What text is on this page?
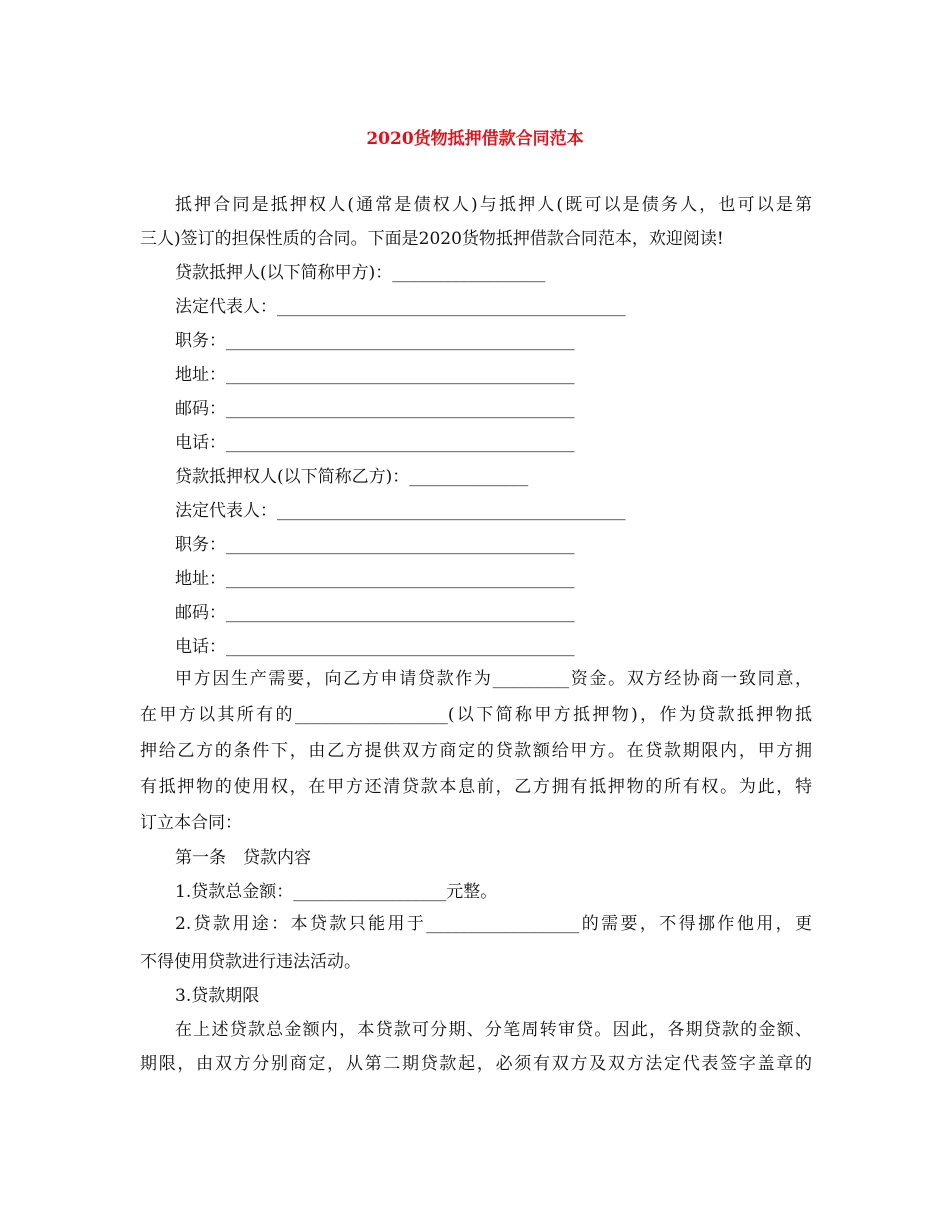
2020货物抵押借款合同范本
抵押合同是抵押权人(通常是债权人)与抵押人(既可以是债务人，也可以是第
三人)签订的担保性质的合同。下面是2020货物抵押借款合同范本，欢迎阅读!
贷款抵押人(以下简称甲方)：__________________
法定代表人：_________________________________________
职务：_________________________________________
地址：_________________________________________
邮码：_________________________________________
电话：_________________________________________
贷款抵押权人(以下简称乙方)：______________
法定代表人：_________________________________________
职务：_________________________________________
地址：_________________________________________
邮码：_________________________________________
电话：_________________________________________
甲方因生产需要，向乙方申请贷款作为_________资金。双方经协商一致同意，
在甲方以其所有的__________________(以下简称甲方抵押物)，作为贷款抵押物抵
押给乙方的条件下，由乙方提供双方商定的贷款额给甲方。在贷款期限内，甲方拥
有抵押物的使用权，在甲方还清贷款本息前，乙方拥有抵押物的所有权。为此，特
订立本合同：
第一条　贷款内容
1.贷款总金额：__________________元整。
2.贷款用途：本贷款只能用于__________________的需要，不得挪作他用，更
不得使用贷款进行违法活动。
3.贷款期限
在上述贷款总金额内，本贷款可分期、分笔周转审贷。因此，各期贷款的金额、
期限，由双方分别商定，从第二期贷款起，必须有双方及双方法定代表签字盖章的
